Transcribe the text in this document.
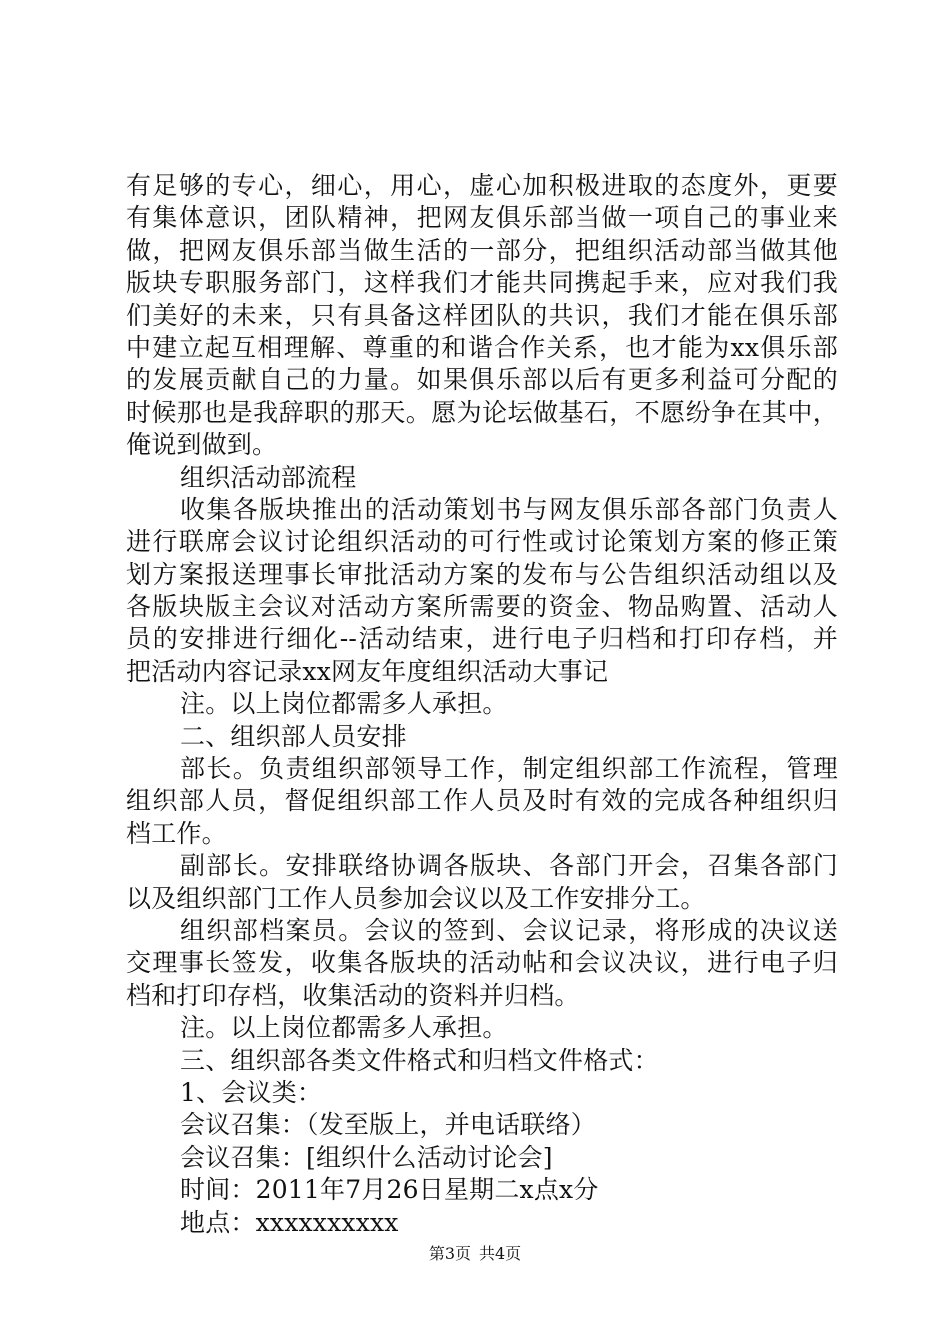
有足够的专心，细心，用心，虚心加积极进取的态度外，更要
有集体意识，团队精神，把网友俱乐部当做一项自己的事业来
做，把网友俱乐部当做生活的一部分，把组织活动部当做其他
版块专职服务部门，这样我们才能共同携起手来，应对我们我
们美好的未来，只有具备这样团队的共识，我们才能在俱乐部
中建立起互相理解、尊重的和谐合作关系，也才能为xx俱乐部
的发展贡献自己的力量。如果俱乐部以后有更多利益可分配的
时候那也是我辞职的那天。愿为论坛做基石，不愿纷争在其中，
俺说到做到。
组织活动部流程
收集各版块推出的活动策划书与网友俱乐部各部门负责人
进行联席会议讨论组织活动的可行性或讨论策划方案的修正策
划方案报送理事长审批活动方案的发布与公告组织活动组以及
各版块版主会议对活动方案所需要的资金、物品购置、活动人
员的安排进行细化--活动结束，进行电子归档和打印存档，并
把活动内容记录xx网友年度组织活动大事记
注。以上岗位都需多人承担。
二、组织部人员安排
部长。负责组织部领导工作，制定组织部工作流程，管理
组织部人员，督促组织部工作人员及时有效的完成各种组织归
档工作。
副部长。安排联络协调各版块、各部门开会，召集各部门
以及组织部门工作人员参加会议以及工作安排分工。
组织部档案员。会议的签到、会议记录，将形成的决议送
交理事长签发，收集各版块的活动帖和会议决议，进行电子归
档和打印存档，收集活动的资料并归档。
注。以上岗位都需多人承担。
三、组织部各类文件格式和归档文件格式：
1、会议类：
会议召集：（发至版上，并电话联络）
会议召集：[组织什么活动讨论会]
时间：2011年7月26日星期二x点x分
地点：xxxxxxxxxx
第3页 共4页
